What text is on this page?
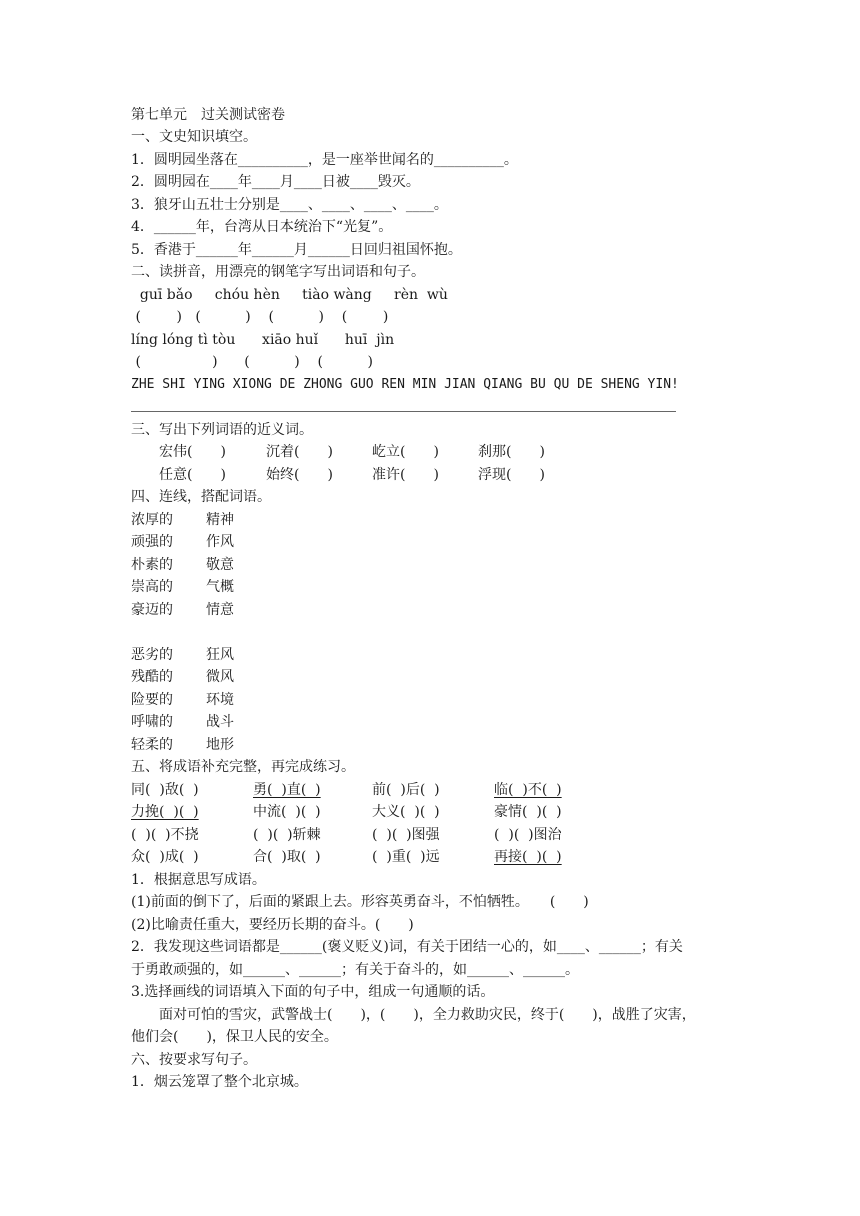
第七单元　过关测试密卷
一、文史知识填空。
1．圆明园坐落在__________，是一座举世闻名的__________。
2．圆明园在____年____月____日被____毁灭。
3．狼牙山五壮士分别是____、____、____、____。
4．______年，台湾从日本统治下“光复”。
5．香港于______年______月______日回归祖国怀抱。
二、读拼音，用漂亮的钢笔字写出词语和句子。
guī bǎo     chóu hèn     tiào wàng     rèn  wù
(        )   (          )    (          )    (        )
líng lóng tì tòu      xiāo huǐ      huī  jìn
(                )      (          )    (          )
ZHE SHI YING XIONG DE ZHONG GUO REN MIN JIAN QIANG BU QU DE SHENG YIN!
三、写出下列词语的近义词。
宏伟(　　)	沉着(　　)	屹立(　　)	刹那(　　)
任意(　　)	始终(　　)	准许(　　)	浮现(　　)
四、连线，搭配词语。
浓厚的 精神
顽强的 作风
朴素的 敬意
崇高的 气概
豪迈的 情意
恶劣的 狂风
残酷的 微风
险要的 环境
呼啸的 战斗
轻柔的 地形
五、将成语补充完整，再完成练习。
同(  )敌(  )	勇(  )直(  )	前(  )后(  )	临(  )不(  )
力挽(  )(  )	中流(  )(  )	大义(  )(  )	豪情(  )(  )
(  )(  )不挠	(  )(  )斩棘	(  )(  )图强	(  )(  )图治
众(  )成(  )	合(  )取(  )	(  )重(  )远	再接(  )(  )
1．根据意思写成语。
(1)前面的倒下了，后面的紧跟上去。形容英勇奋斗，不怕牺牲。　　(　　)
(2)比喻责任重大，要经历长期的奋斗。(　　)
2．我发现这些词语都是______(褒义贬义)词，有关于团结一心的，如____、______；有关
于勇敢顽强的，如______、______；有关于奋斗的，如______、______。
3.选择画线的词语填入下面的句子中，组成一句通顺的话。
　　面对可怕的雪灾，武警战士(　　)，(　　)，全力救助灾民，终于(　　)，战胜了灾害，
他们会(　　)，保卫人民的安全。
六、按要求写句子。
1．烟云笼罩了整个北京城。
